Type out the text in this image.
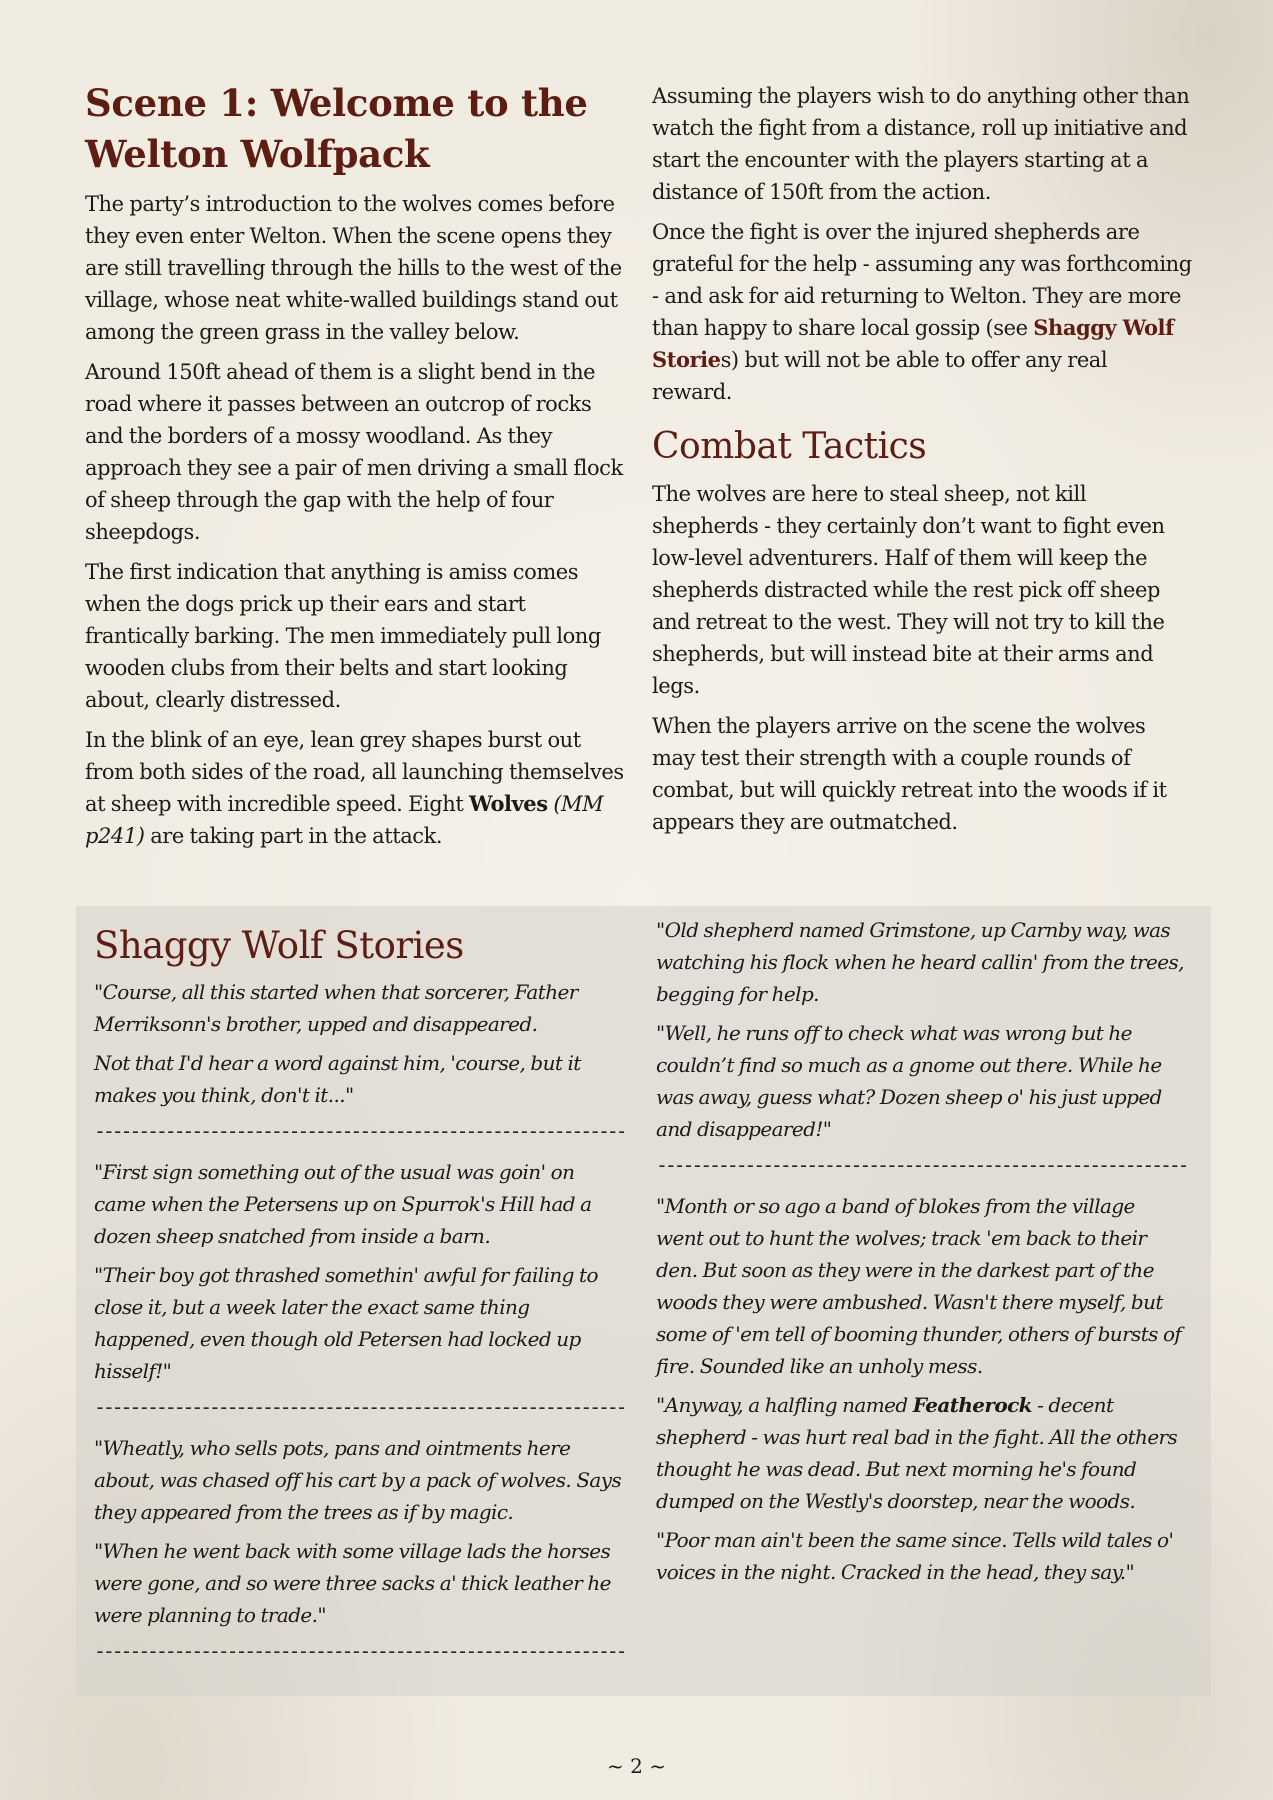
Scene 1: Welcome to the Welton Wolfpack

The party’s introduction to the wolves comes before they even enter Welton. When the scene opens they are still travelling through the hills to the west of the village, whose neat white-walled buildings stand out among the green grass in the valley below.

Around 150ft ahead of them is a slight bend in the road where it passes between an outcrop of rocks and the borders of a mossy woodland. As they approach they see a pair of men driving a small flock of sheep through the gap with the help of four sheepdogs.

The first indication that anything is amiss comes when the dogs prick up their ears and start frantically barking. The men immediately pull long wooden clubs from their belts and start looking about, clearly distressed.

In the blink of an eye, lean grey shapes burst out from both sides of the road, all launching themselves at sheep with incredible speed. Eight Wolves (MM p241) are taking part in the attack.

Assuming the players wish to do anything other than watch the fight from a distance, roll up initiative and start the encounter with the players starting at a distance of 150ft from the action.

Once the fight is over the injured shepherds are grateful for the help - assuming any was forthcoming - and ask for aid returning to Welton. They are more than happy to share local gossip (see Shaggy Wolf Stories) but will not be able to offer any real reward.

Combat Tactics

The wolves are here to steal sheep, not kill shepherds - they certainly don’t want to fight even low-level adventurers. Half of them will keep the shepherds distracted while the rest pick off sheep and retreat to the west. They will not try to kill the shepherds, but will instead bite at their arms and legs.

When the players arrive on the scene the wolves may test their strength with a couple rounds of combat, but will quickly retreat into the woods if it appears they are outmatched.

Shaggy Wolf Stories

"Course, all this started when that sorcerer, Father Merriksonn's brother, upped and disappeared.

Not that I'd hear a word against him, 'course, but it makes you think, don't it..."

------------------------------------------------------------

"First sign something out of the usual was goin' on came when the Petersens up on Spurrok's Hill had a dozen sheep snatched from inside a barn.

"Their boy got thrashed somethin' awful for failing to close it, but a week later the exact same thing happened, even though old Petersen had locked up hisself!"

------------------------------------------------------------

"Wheatly, who sells pots, pans and ointments here about, was chased off his cart by a pack of wolves. Says they appeared from the trees as if by magic.

"When he went back with some village lads the horses were gone, and so were three sacks a' thick leather he were planning to trade."

------------------------------------------------------------

"Old shepherd named Grimstone, up Carnby way, was watching his flock when he heard callin' from the trees, begging for help.

"Well, he runs off to check what was wrong but he couldn’t find so much as a gnome out there. While he was away, guess what? Dozen sheep o' his just upped and disappeared!"

------------------------------------------------------------

"Month or so ago a band of blokes from the village went out to hunt the wolves; track 'em back to their den. But soon as they were in the darkest part of the woods they were ambushed. Wasn't there myself, but some of 'em tell of booming thunder, others of bursts of fire. Sounded like an unholy mess.

"Anyway, a halfling named Featherock - decent shepherd - was hurt real bad in the fight. All the others thought he was dead. But next morning he's found dumped on the Westly's doorstep, near the woods.

"Poor man ain't been the same since. Tells wild tales o' voices in the night. Cracked in the head, they say."

~ 2 ~
